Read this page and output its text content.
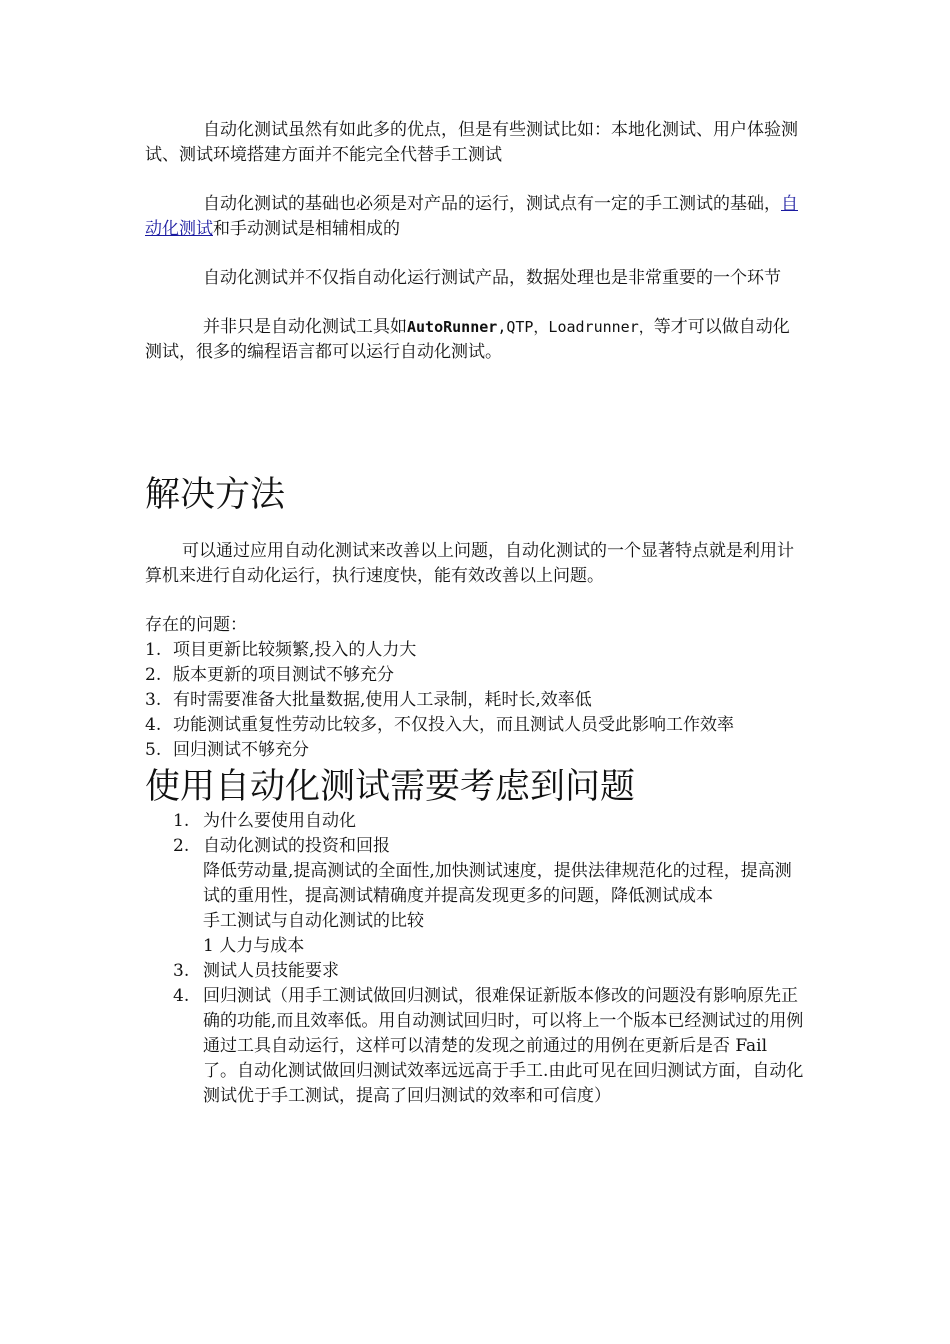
自动化测试虽然有如此多的优点，但是有些测试比如：本地化测试、用户体验测试、测试环境搭建方面并不能完全代替手工测试

自动化测试的基础也必须是对产品的运行，测试点有一定的手工测试的基础，自动化测试和手动测试是相辅相成的

自动化测试并不仅指自动化运行测试产品，数据处理也是非常重要的一个环节

并非只是自动化测试工具如AutoRunner,QTP，Loadrunner，等才可以做自动化测试，很多的编程语言都可以运行自动化测试。

解决方法

可以通过应用自动化测试来改善以上问题，自动化测试的一个显著特点就是利用计算机来进行自动化运行，执行速度快，能有效改善以上问题。

存在的问题：

1. 项目更新比较频繁,投入的人力大
2. 版本更新的项目测试不够充分
3. 有时需要准备大批量数据,使用人工录制，耗时长,效率低
4. 功能测试重复性劳动比较多，不仅投入大，而且测试人员受此影响工作效率
5. 回归测试不够充分
使用自动化测试需要考虑到问题
1. 为什么要使用自动化
2. 自动化测试的投资和回报
降低劳动量,提高测试的全面性,加快测试速度，提供法律规范化的过程，提高测试的重用性，提高测试精确度并提高发现更多的问题，降低测试成本
手工测试与自动化测试的比较
1 人力与成本
3. 测试人员技能要求
4. 回归测试（用手工测试做回归测试，很难保证新版本修改的问题没有影响原先正确的功能,而且效率低。用自动测试回归时，可以将上一个版本已经测试过的用例通过工具自动运行，这样可以清楚的发现之前通过的用例在更新后是否 Fail 了。自动化测试做回归测试效率远远高于手工.由此可见在回归测试方面，自动化测试优于手工测试，提高了回归测试的效率和可信度）
